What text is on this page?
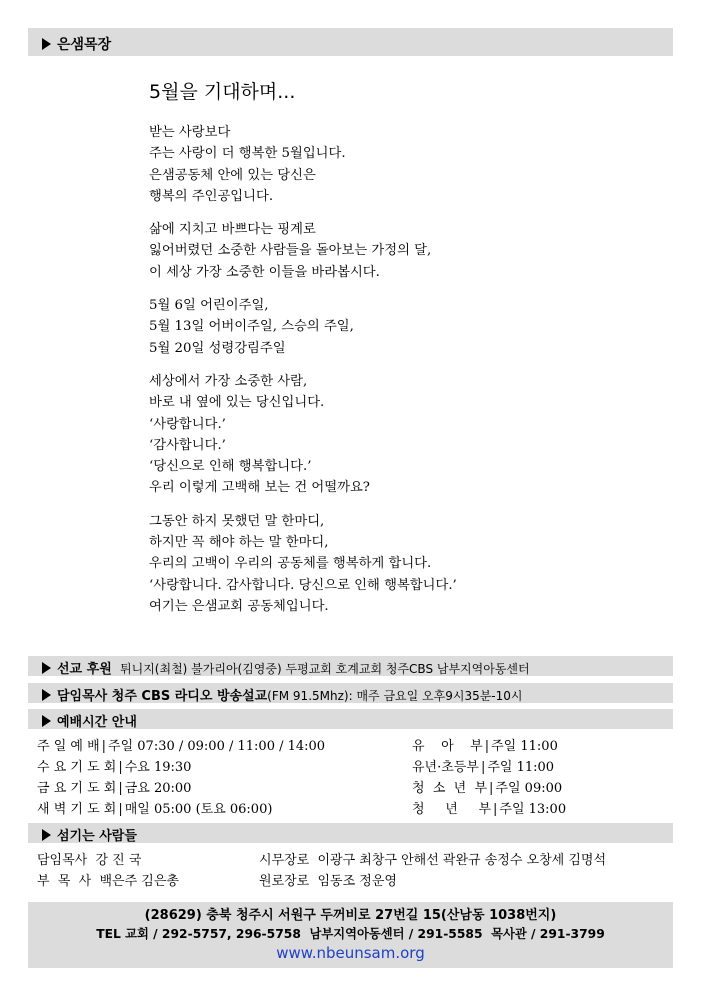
은샘목장
5월을 기대하며...
받는 사랑보다
주는 사랑이 더 행복한 5월입니다.
은샘공동체 안에 있는 당신은
행복의 주인공입니다.
삶에 지치고 바쁘다는 핑계로
잃어버렸던 소중한 사람들을 돌아보는 가정의 달,
이 세상 가장 소중한 이들을 바라봅시다.
5월 6일 어린이주일,
5월 13일 어버이주일, 스승의 주일,
5월 20일 성령강림주일
세상에서 가장 소중한 사람,
바로 내 옆에 있는 당신입니다.
‘사랑합니다.’
‘감사합니다.’
‘당신으로 인해 행복합니다.’
우리 이렇게 고백해 보는 건 어떨까요?
그동안 하지 못했던 말 한마디,
하지만 꼭 해야 하는 말 한마디,
우리의 고백이 우리의 공동체를 행복하게 합니다.
‘사랑합니다. 감사합니다. 당신으로 인해 행복합니다.’
여기는 은샘교회 공동체입니다.
선교 후원 튀니지(최철) 불가리아(김영중) 두평교회 호계교회 청주CBS 남부지역아동센터
담임목사 청주 CBS 라디오 방송설교(FM 91.5Mhz): 매주 금요일 오후9시35분-10시
예배시간 안내
주 일 예 배 | 주일 07:30 / 09:00 / 11:00 / 14:00
수 요 기 도 회 | 수요 19:30
금 요 기 도 회 | 금요 20:00
새 벽 기 도 회 | 매일 05:00 (토요 06:00)
유    아    부 | 주일 11:00
유년·초등부 | 주일 11:00
청  소  년  부 | 주일 09:00
청     년     부 | 주일 13:00
섬기는 사람들
담임목사  강 진 국
부  목  사  백은주 김은총
시무장로  이광구 최창구 안해선 곽완규 송정수 오창세 김명석
원로장로  임동조 정운영
(28629) 충북 청주시 서원구 두꺼비로 27번길 15(산남동 1038번지)
TEL 교회 / 292-5757, 296-5758  남부지역아동센터 / 291-5585  목사관 / 291-3799
www.nbeunsam.org
